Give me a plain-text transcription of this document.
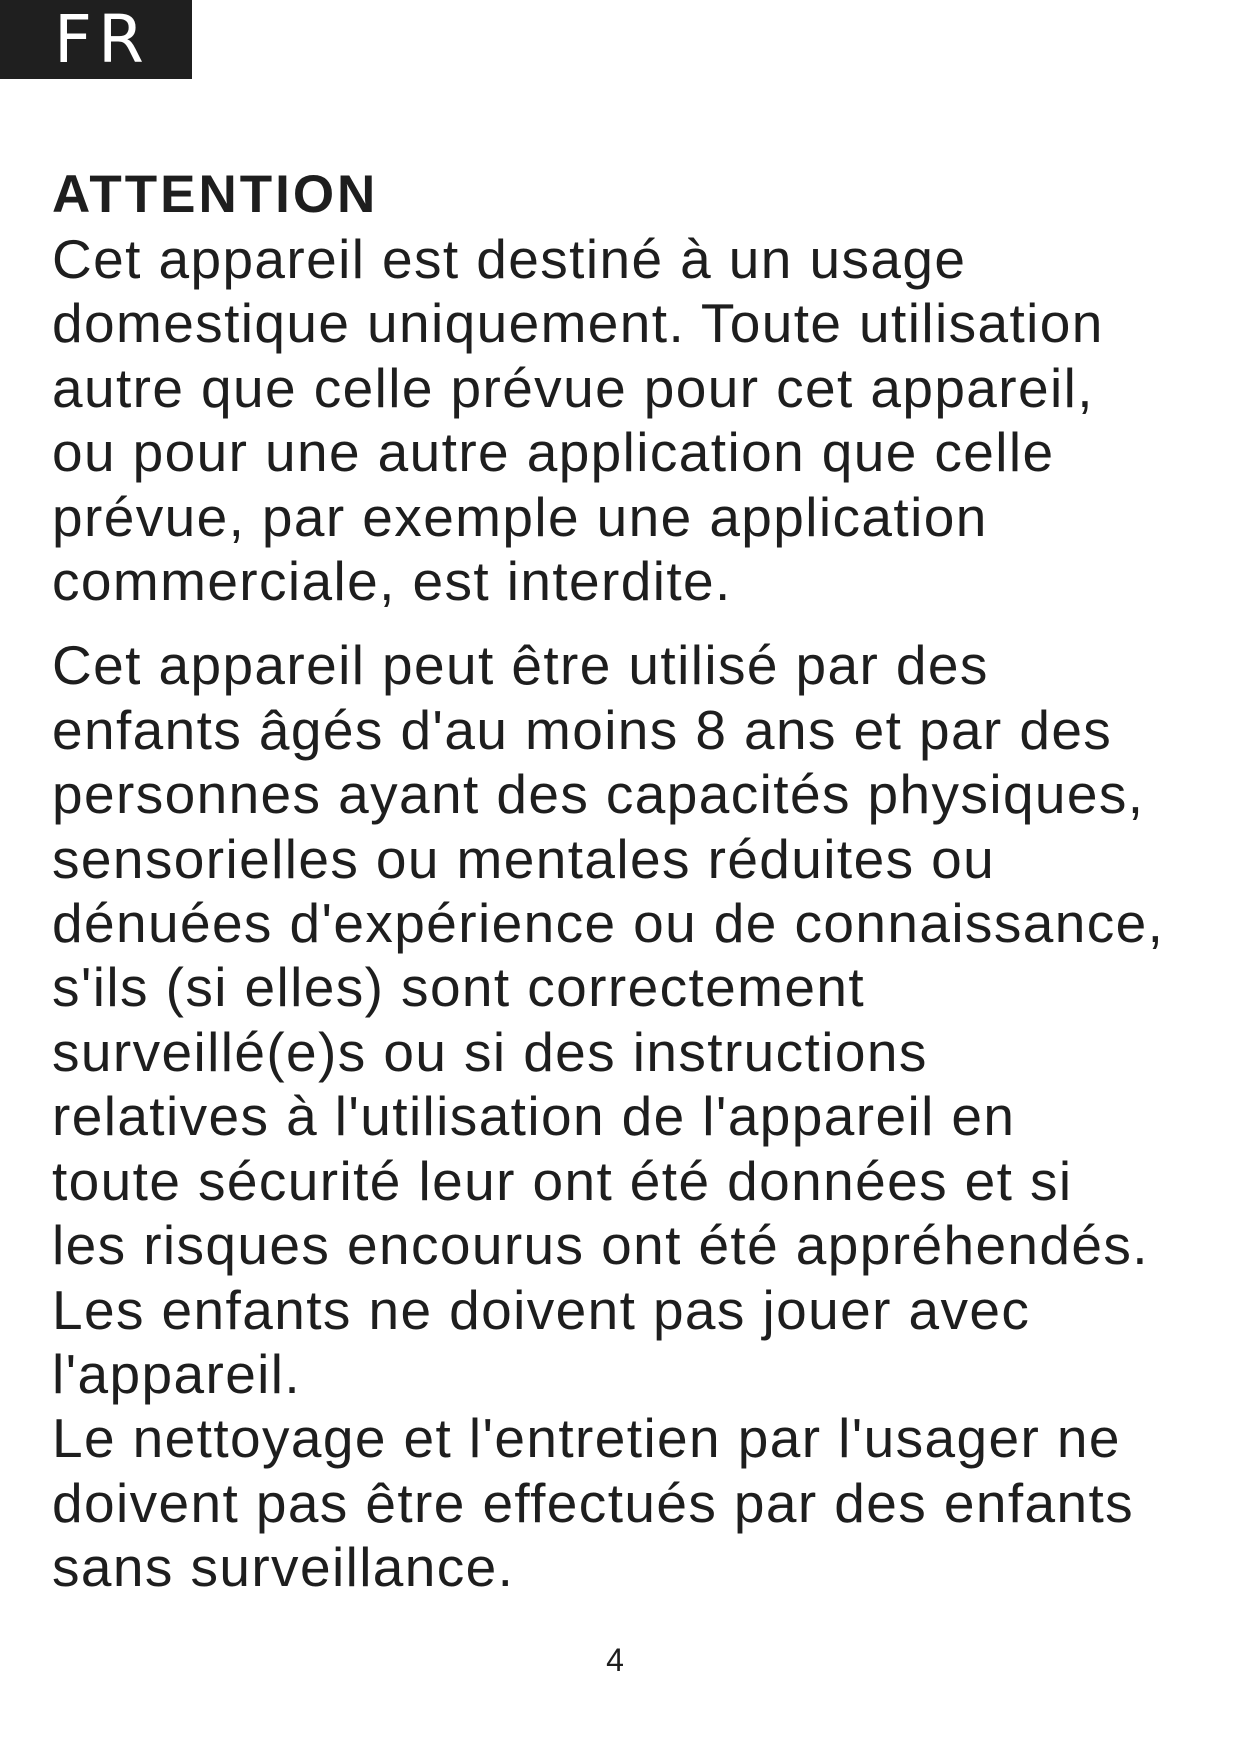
FR
ATTENTION

Cet appareil est destiné à un usage
domestique uniquement. Toute utilisation
autre que celle prévue pour cet appareil,
ou pour une autre application que celle
prévue, par exemple une application
commerciale, est interdite.

Cet appareil peut être utilisé par des
enfants âgés d'au moins 8 ans et par des
personnes ayant des capacités physiques,
sensorielles ou mentales réduites ou
dénuées d'expérience ou de connaissance,
s'ils (si elles) sont correctement
surveillé(e)s ou si des instructions
relatives à l'utilisation de l'appareil en
toute sécurité leur ont été données et si
les risques encourus ont été appréhendés.
Les enfants ne doivent pas jouer avec
l'appareil.
Le nettoyage et l'entretien par l'usager ne
doivent pas être effectués par des enfants
sans surveillance.

4
